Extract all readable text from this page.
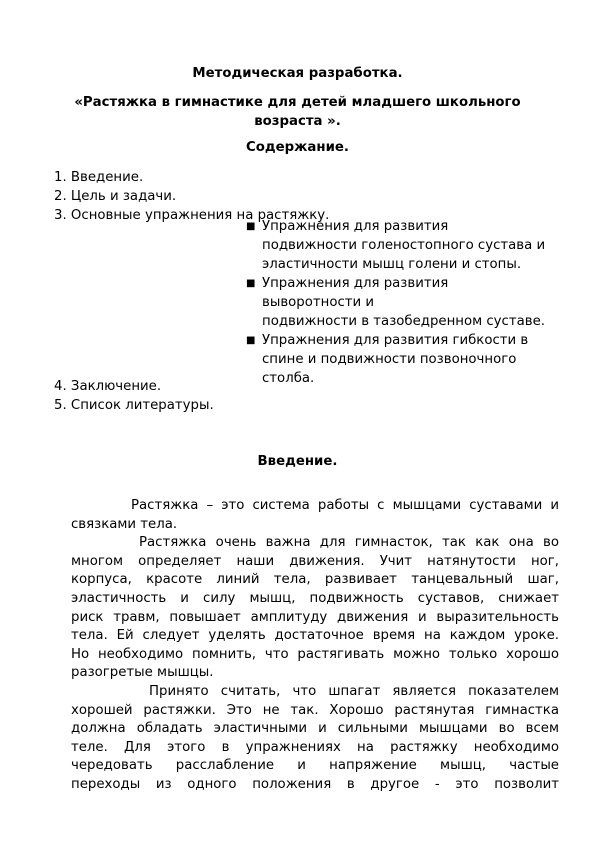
Методическая разработка.
«Растяжка в гимнастике для детей младшего школьного
возраста ».
Содержание.
1. Введение.
2. Цель и задачи.
3. Основные упражнения на растяжку.
■ Упражнения для развития
подвижности голеностопного сустава и
эластичности мышц голени и стопы.
■ Упражнения для развития
выворотности и
подвижности в тазобедренном суставе.
■ Упражнения для развития гибкости в
спине и подвижности позвоночного
столба.
4. Заключение.
5. Список литературы.
Введение.
Растяжка – это система работы с мышцами суставами и
связками тела.
Растяжка очень важна для гимнасток, так как она во
многом определяет наши движения. Учит натянутости ног,
корпуса, красоте линий тела, развивает танцевальный шаг,
эластичность и силу мышц, подвижность суставов, снижает
риск травм, повышает амплитуду движения и выразительность
тела. Ей следует уделять достаточное время на каждом уроке.
Но необходимо помнить, что растягивать можно только хорошо
разогретые мышцы.
Принято считать, что шпагат является показателем
хорошей растяжки. Это не так. Хорошо растянутая гимнастка
должна обладать эластичными и сильными мышцами во всем
теле. Для этого в упражнениях на растяжку необходимо
чередовать расслабление и напряжение мышц, частые
переходы из одного положения в другое - это позволит
